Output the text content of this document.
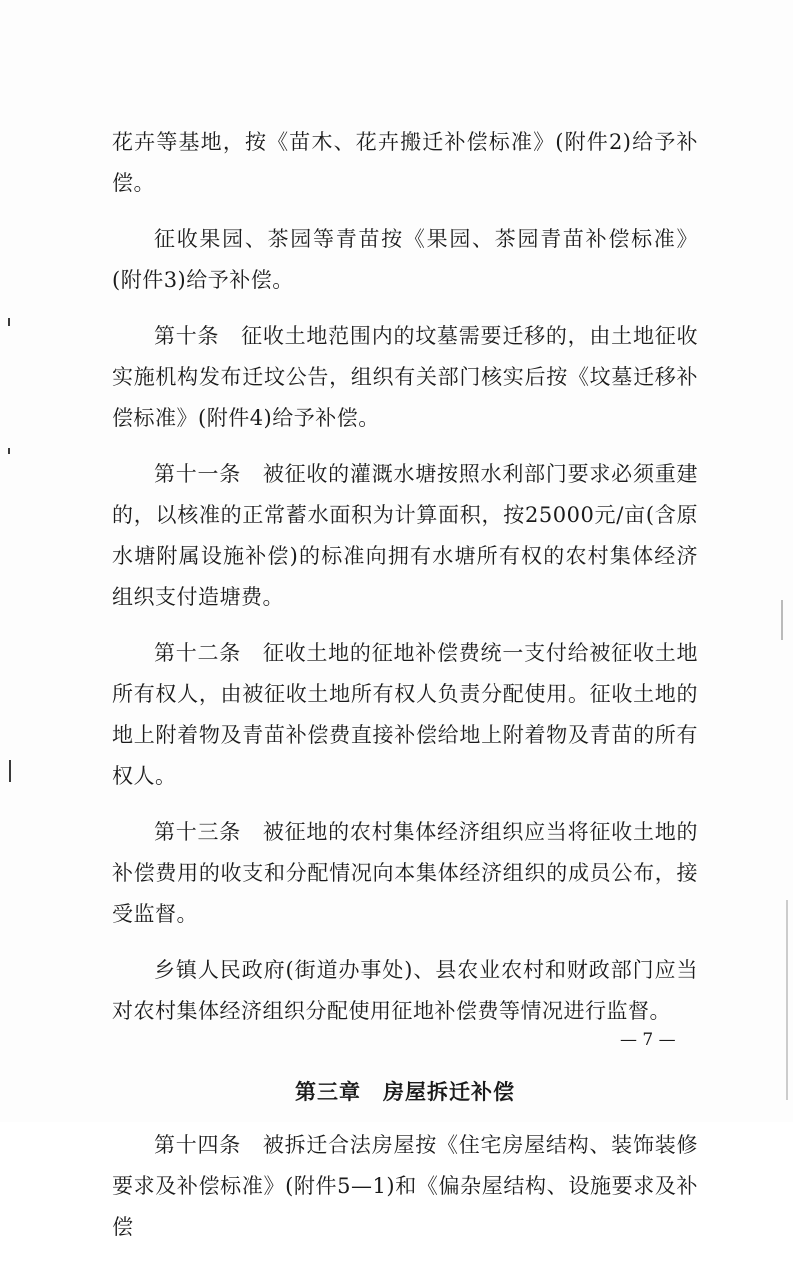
花卉等基地，按《苗木、花卉搬迁补偿标准》(附件2)给予补偿。

征收果园、茶园等青苗按《果园、茶园青苗补偿标准》(附件3)给予补偿。

第十条　征收土地范围内的坟墓需要迁移的，由土地征收实施机构发布迁坟公告，组织有关部门核实后按《坟墓迁移补偿标准》(附件4)给予补偿。

第十一条　被征收的灌溉水塘按照水利部门要求必须重建的，以核准的正常蓄水面积为计算面积，按25000元/亩(含原水塘附属设施补偿)的标准向拥有水塘所有权的农村集体经济组织支付造塘费。

第十二条　征收土地的征地补偿费统一支付给被征收土地所有权人，由被征收土地所有权人负责分配使用。征收土地的地上附着物及青苗补偿费直接补偿给地上附着物及青苗的所有权人。

第十三条　被征地的农村集体经济组织应当将征收土地的补偿费用的收支和分配情况向本集体经济组织的成员公布，接受监督。

乡镇人民政府(街道办事处)、县农业农村和财政部门应当对农村集体经济组织分配使用征地补偿费等情况进行监督。

第三章 房屋拆迁补偿

第十四条　被拆迁合法房屋按《住宅房屋结构、装饰装修要求及补偿标准》(附件5—1)和《偏杂屋结构、设施要求及补偿

— 7 —
